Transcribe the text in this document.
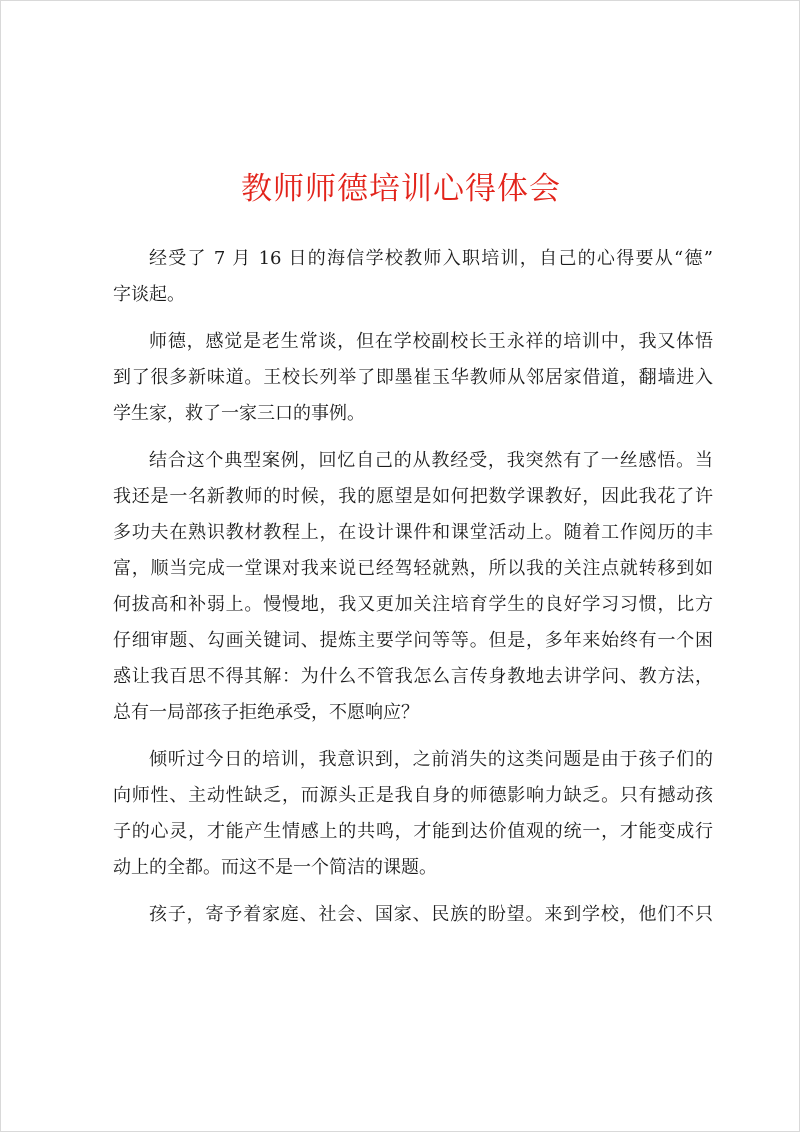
教师师德培训心得体会
经受了 7 月 16 日的海信学校教师入职培训，自己的心得要从“德”
字谈起。
师德，感觉是老生常谈，但在学校副校长王永祥的培训中，我又体悟
到了很多新味道。王校长列举了即墨崔玉华教师从邻居家借道，翻墙进入
学生家，救了一家三口的事例。
结合这个典型案例，回忆自己的从教经受，我突然有了一丝感悟。当
我还是一名新教师的时候，我的愿望是如何把数学课教好，因此我花了许
多功夫在熟识教材教程上，在设计课件和课堂活动上。随着工作阅历的丰
富，顺当完成一堂课对我来说已经驾轻就熟，所以我的关注点就转移到如
何拔高和补弱上。慢慢地，我又更加关注培育学生的良好学习习惯，比方
仔细审题、勾画关键词、提炼主要学问等等。但是，多年来始终有一个困
惑让我百思不得其解：为什么不管我怎么言传身教地去讲学问、教方法，
总有一局部孩子拒绝承受，不愿响应？
倾听过今日的培训，我意识到，之前消失的这类问题是由于孩子们的
向师性、主动性缺乏，而源头正是我自身的师德影响力缺乏。只有撼动孩
子的心灵，才能产生情感上的共鸣，才能到达价值观的统一，才能变成行
动上的全都。而这不是一个简洁的课题。
孩子，寄予着家庭、社会、国家、民族的盼望。来到学校，他们不只
